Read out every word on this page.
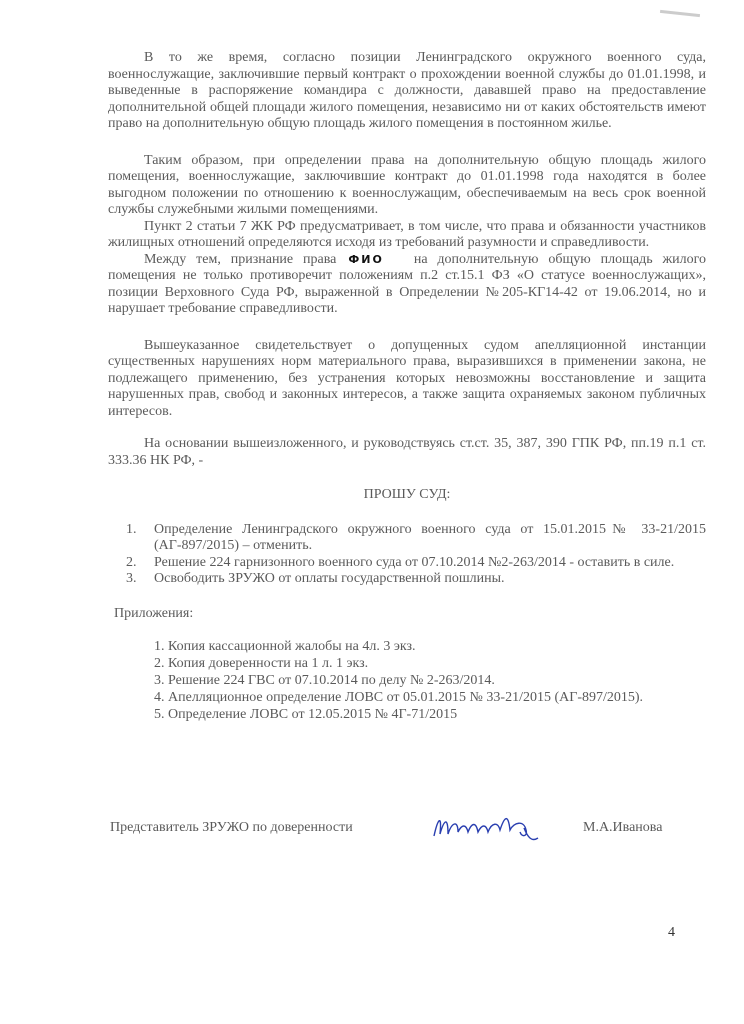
В то же время, согласно позиции Ленинградского окружного военного суда, военнослужащие, заключившие первый контракт о прохождении военной службы до 01.01.1998, и выведенные в распоряжение командира с должности, дававшей право на предоставление дополнительной общей площади жилого помещения, независимо ни от каких обстоятельств имеют право на дополнительную общую площадь жилого помещения в постоянном жилье.

Таким образом, при определении права на дополнительную общую площадь жилого помещения, военнослужащие, заключившие контракт до 01.01.1998 года находятся в более выгодном положении по отношению к военнослужащим, обеспечиваемым на весь срок военной службы служебными жилыми помещениями.

Пункт 2 статьи 7 ЖК РФ предусматривает, в том числе, что права и обязанности участников жилищных отношений определяются исходя из требований разумности и справедливости.

Между тем, признание права ФИО на дополнительную общую площадь жилого помещения не только противоречит положениям п.2 ст.15.1 ФЗ «О статусе военнослужащих», позиции Верховного Суда РФ, выраженной в Определении №205-КГ14-42 от 19.06.2014, но и нарушает требование справедливости.

Вышеуказанное свидетельствует о допущенных судом апелляционной инстанции существенных нарушениях норм материального права, выразившихся в применении закона, не подлежащего применению, без устранения которых невозможны восстановление и защита нарушенных прав, свобод и законных интересов, а также защита охраняемых законом публичных интересов.

На основании вышеизложенного, и руководствуясь ст.ст. 35, 387, 390 ГПК РФ, пп.19 п.1 ст. 333.36 НК РФ, -

ПРОШУ СУД:

1. Определение Ленинградского окружного военного суда от 15.01.2015№ 33-21/2015 (АГ-897/2015) – отменить.
2. Решение 224 гарнизонного военного суда от 07.10.2014 №2-263/2014 - оставить в силе.
3. Освободить ЗРУЖО от оплаты государственной пошлины.

Приложения:

1. Копия кассационной жалобы на 4л. 3 экз.
2. Копия доверенности на 1 л. 1 экз.
3. Решение 224 ГВС от 07.10.2014 по делу № 2-263/2014.
4. Апелляционное определение ЛОВС от 05.01.2015 № 33-21/2015 (АГ-897/2015).
5. Определение ЛОВС от 12.05.2015 № 4Г-71/2015
Представитель ЗРУЖО по доверенности	М.А.Иванова
4
